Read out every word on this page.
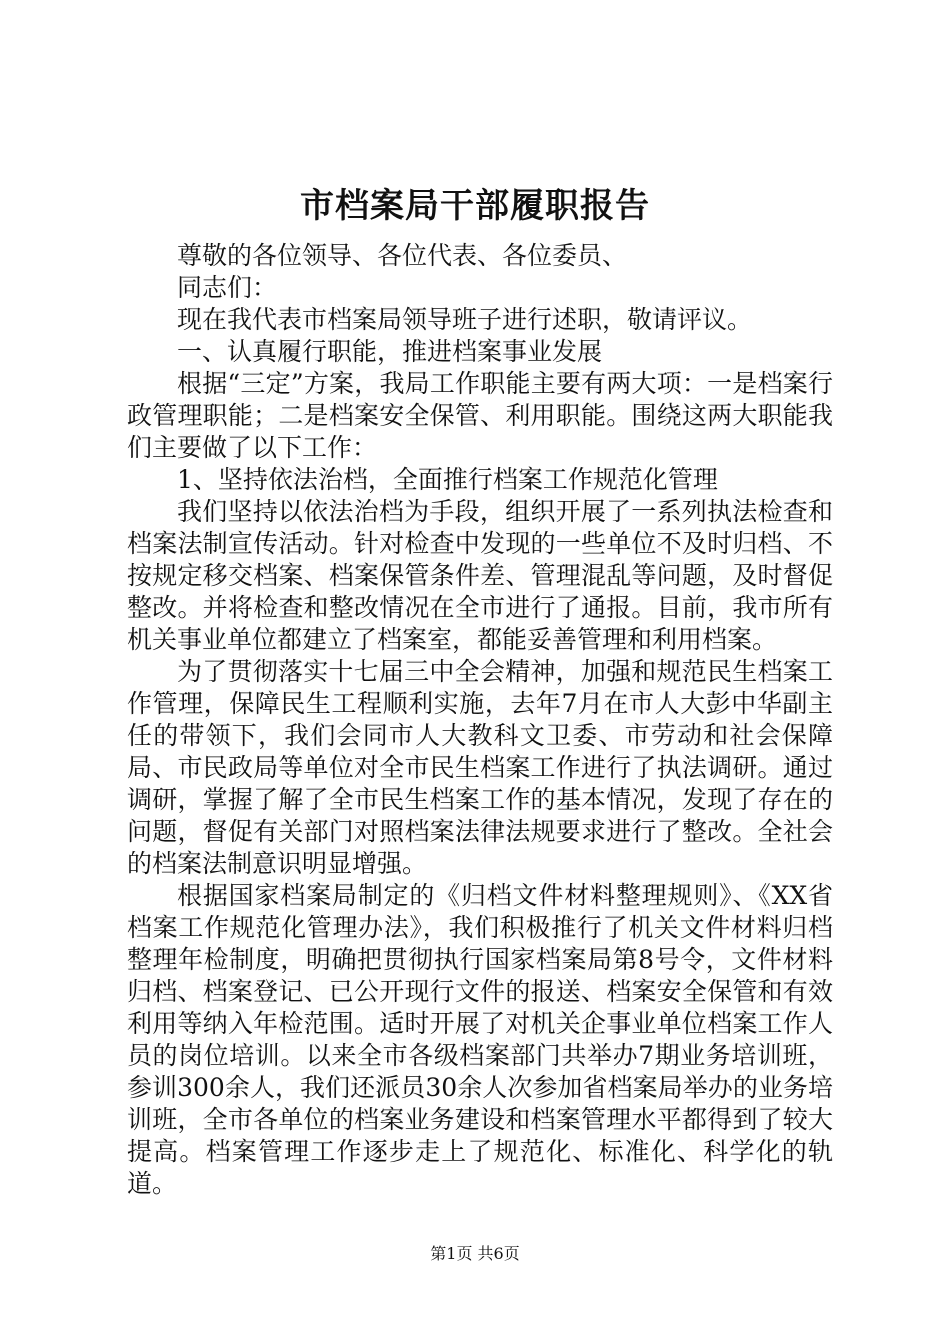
市档案局干部履职报告

尊敬的各位领导、各位代表、各位委员、

同志们：

现在我代表市档案局领导班子进行述职，敬请评议。

一、认真履行职能，推进档案事业发展

根据“三定”方案，我局工作职能主要有两大项：一是档案行政管理职能；二是档案安全保管、利用职能。围绕这两大职能我们主要做了以下工作：

1、坚持依法治档，全面推行档案工作规范化管理

我们坚持以依法治档为手段，组织开展了一系列执法检查和档案法制宣传活动。针对检查中发现的一些单位不及时归档、不按规定移交档案、档案保管条件差、管理混乱等问题，及时督促整改。并将检查和整改情况在全市进行了通报。目前，我市所有机关事业单位都建立了档案室，都能妥善管理和利用档案。

为了贯彻落实十七届三中全会精神，加强和规范民生档案工作管理，保障民生工程顺利实施，去年7月在市人大彭中华副主任的带领下，我们会同市人大教科文卫委、市劳动和社会保障局、市民政局等单位对全市民生档案工作进行了执法调研。通过调研，掌握了解了全市民生档案工作的基本情况，发现了存在的问题，督促有关部门对照档案法律法规要求进行了整改。全社会的档案法制意识明显增强。

根据国家档案局制定的《归档文件材料整理规则》、《XX省档案工作规范化管理办法》，我们积极推行了机关文件材料归档整理年检制度，明确把贯彻执行国家档案局第8号令，文件材料归档、档案登记、已公开现行文件的报送、档案安全保管和有效利用等纳入年检范围。适时开展了对机关企事业单位档案工作人员的岗位培训。以来全市各级档案部门共举办7期业务培训班，参训300余人，我们还派员30余人次参加省档案局举办的业务培训班，全市各单位的档案业务建设和档案管理水平都得到了较大提高。档案管理工作逐步走上了规范化、标准化、科学化的轨道。

第1页 共6页
